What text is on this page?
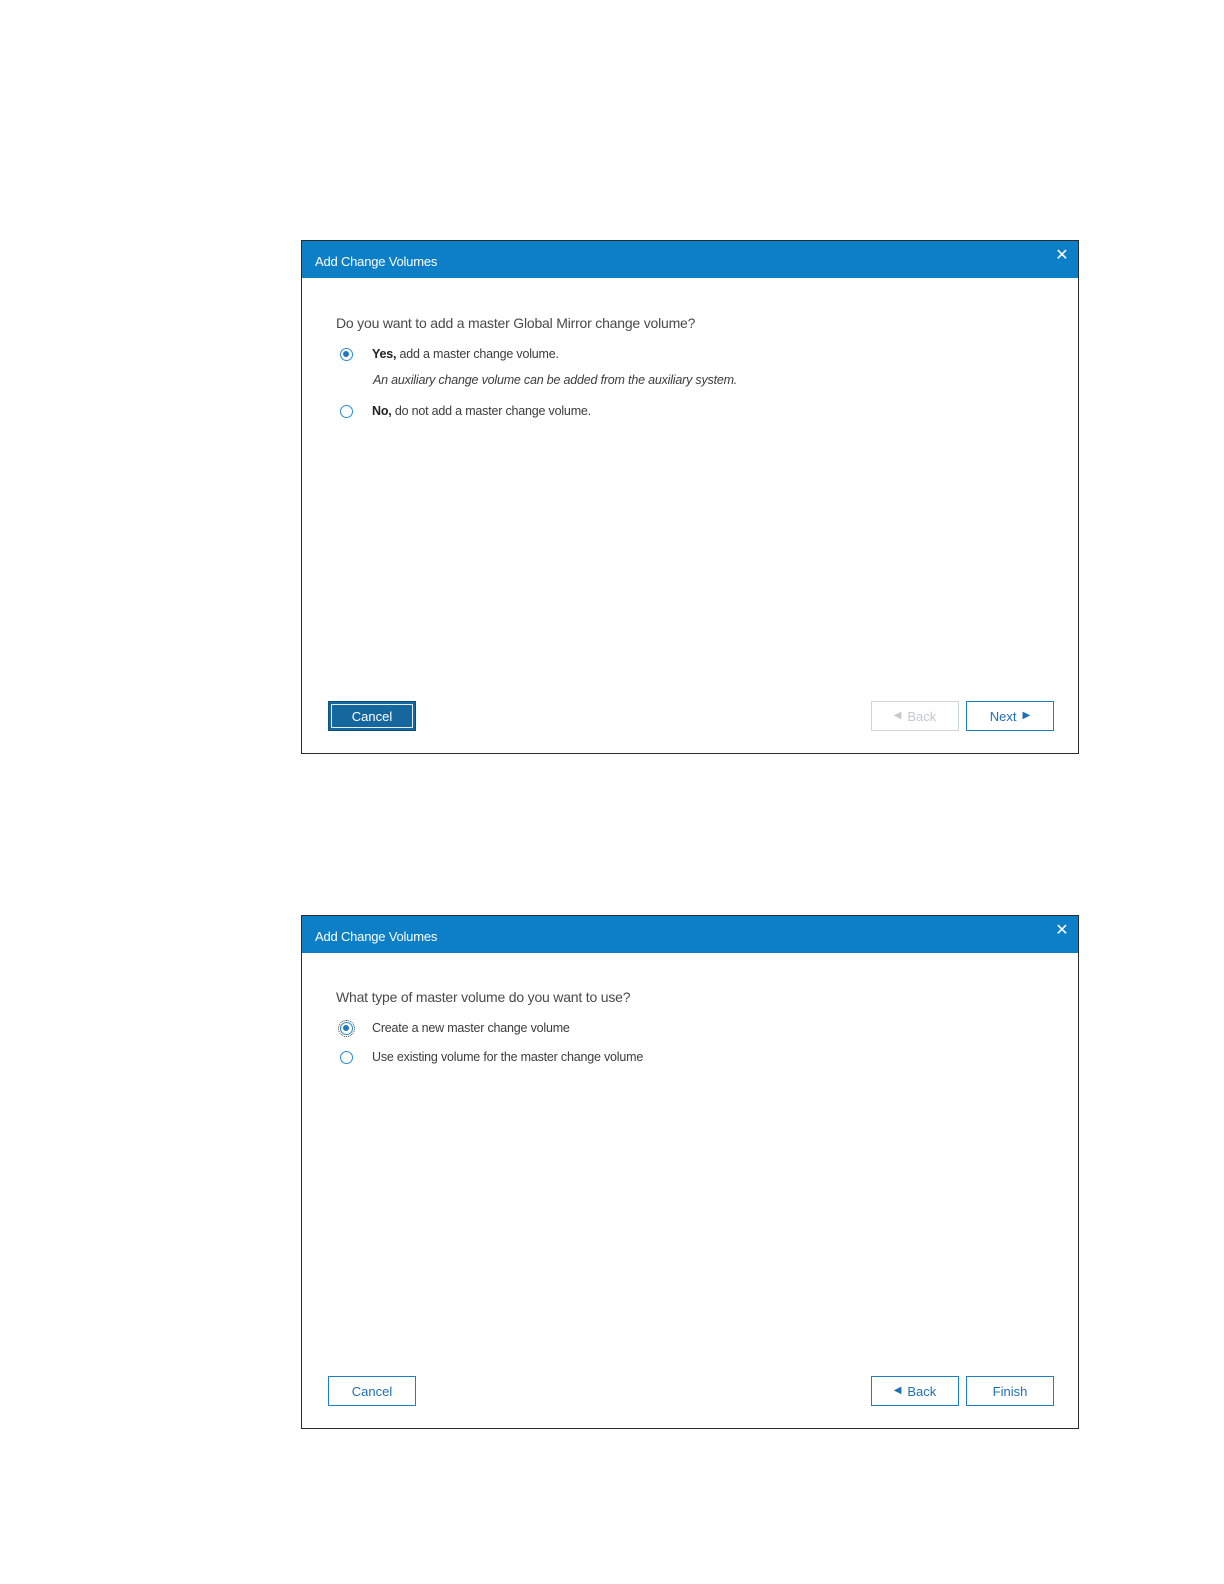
Add Change Volumes	✕
Do you want to add a master Global Mirror change volume?
Yes, add a master change volume.
An auxiliary change volume can be added from the auxiliary system.
No, do not add a master change volume.
Cancel	◀ Back	Next ▶
Add Change Volumes	✕
What type of master volume do you want to use?
Create a new master change volume
Use existing volume for the master change volume
Cancel	◀ Back	Finish
